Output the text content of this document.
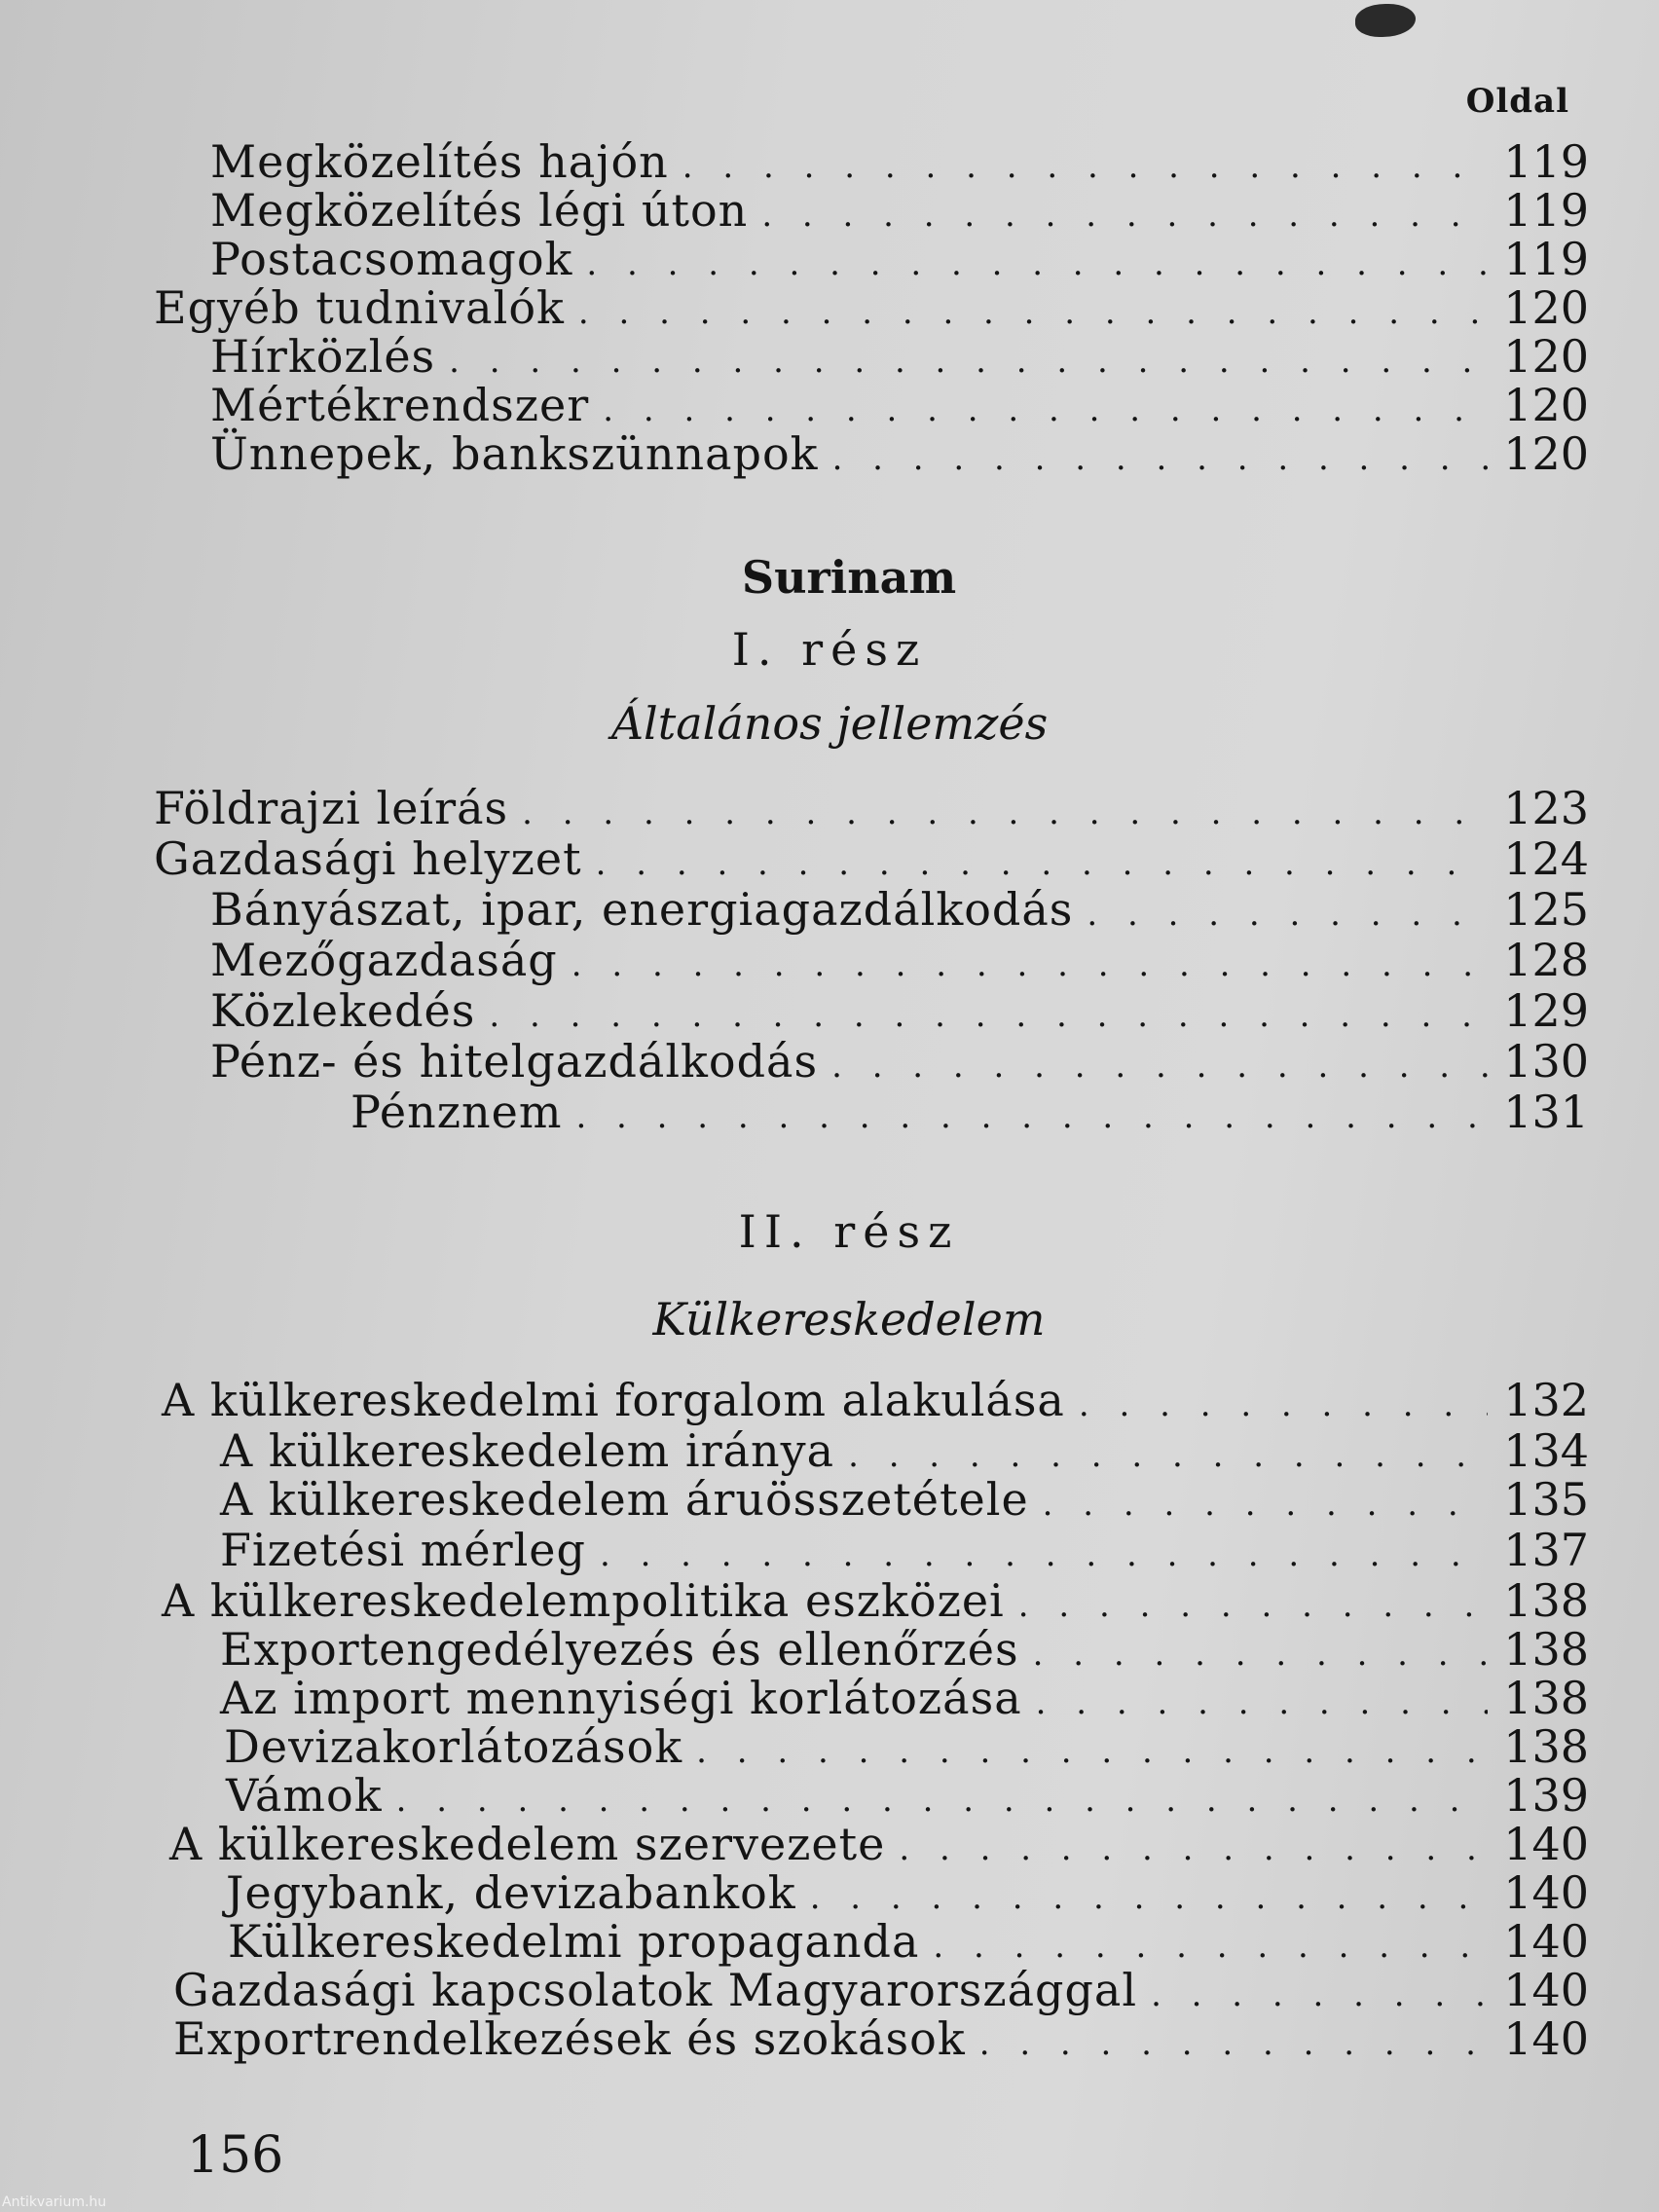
Oldal
Megközelítés hajón . . .	119
Megközelítés légi úton . . .	119
Postacsomagok . . .	119
Egyéb tudnivalók . . .	120
Hírközlés . . .	120
Mértékrendszer . . .	120
Ünnepek, bankszünnapok . . .	120
Surinam
I. rész
Általános jellemzés
Földrajzi leírás . . .	123
Gazdasági helyzet . . .	124
Bányászat, ipar, energiagazdálkodás . . .	125
Mezőgazdaság . . .	128
Közlekedés . . .	129
Pénz- és hitelgazdálkodás . . .	130
Pénznem . . .	131
II. rész
Külkereskedelem
A külkereskedelmi forgalom alakulása . . .	132
A külkereskedelem iránya . . .	134
A külkereskedelem áruösszetétele . . .	135
Fizetési mérleg . . .	137
A külkereskedelempolitika eszközei . . .	138
Exportengedélyezés és ellenőrzés . . .	138
Az import mennyiségi korlátozása . . .	138
Devizakorlátozások . . .	138
Vámok . . .	139
A külkereskedelem szervezete . . .	140
Jegybank, devizabankok . . .	140
Külkereskedelmi propaganda . . .	140
Gazdasági kapcsolatok Magyarországgal . . .	140
Exportrendelkezések és szokások . . .	140
156
Antikvarium.hu
